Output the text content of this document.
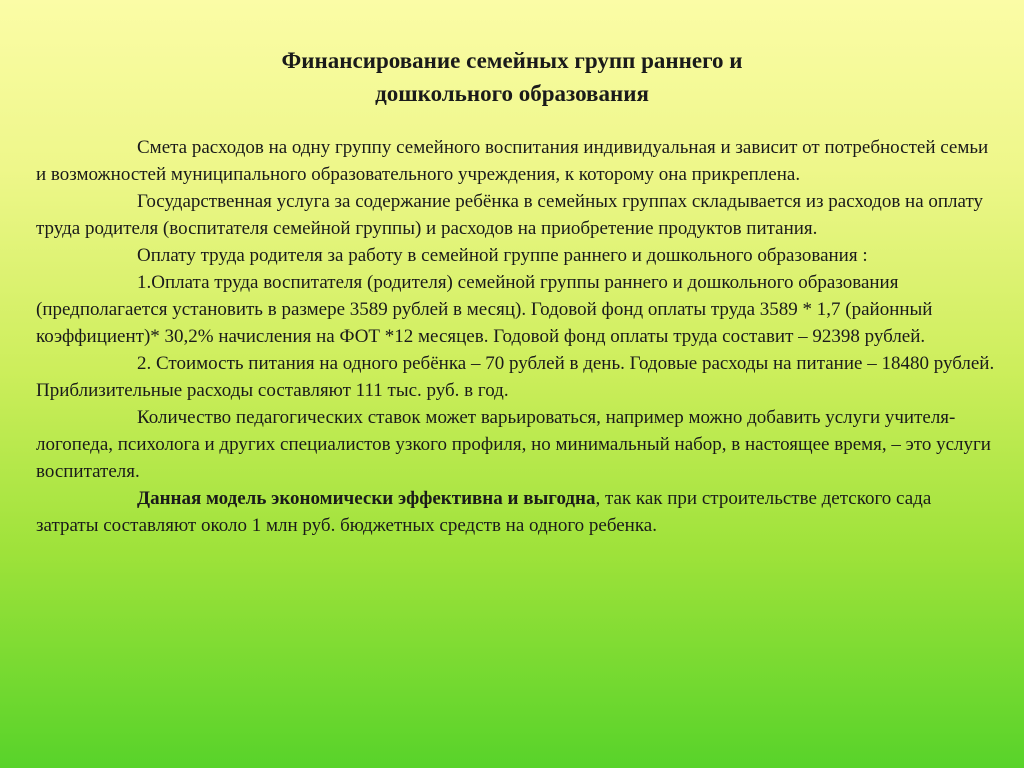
Финансирование семейных групп раннего и
дошкольного образования

Смета расходов на одну группу семейного воспитания индивидуальная и зависит от потребностей семьи и возможностей муниципального образовательного учреждения, к которому она прикреплена.

Государственная услуга за содержание ребёнка в семейных группах складывается из расходов на оплату труда родителя (воспитателя семейной группы) и расходов на приобретение продуктов питания.

Оплату труда родителя за работу в семейной группе раннего и дошкольного образования :

1.Оплата труда воспитателя (родителя) семейной группы раннего и дошкольного образования (предполагается установить в размере 3589 рублей в месяц). Годовой фонд оплаты труда 3589 * 1,7 (районный коэффициент)* 30,2% начисления на ФОТ *12 месяцев. Годовой фонд оплаты труда составит – 92398 рублей.

2. Стоимость питания на одного ребёнка – 70 рублей в день. Годовые расходы на питание – 18480 рублей. Приблизительные расходы составляют 111 тыс. руб. в год.

Количество педагогических ставок может варьироваться, например можно добавить услуги учителя-логопеда, психолога и других специалистов узкого профиля, но минимальный набор, в настоящее время, – это услуги воспитателя.

Данная модель экономически эффективна и выгодна, так как при строительстве детского сада затраты составляют около 1 млн руб. бюджетных средств на одного ребенка.
